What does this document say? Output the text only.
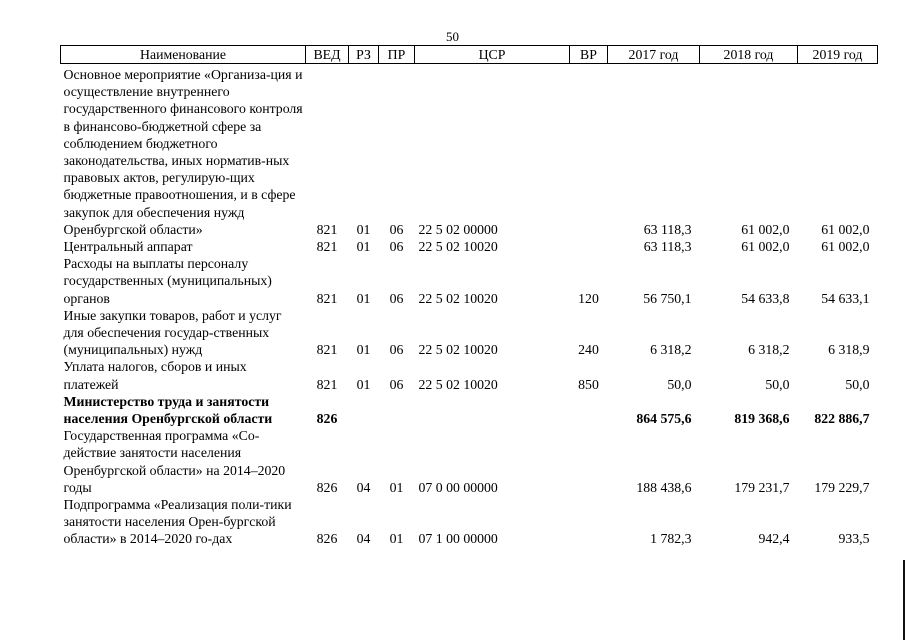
50
Наименование	ВЕД	РЗ	ПР	ЦСР	ВР	2017 год	2018 год	2019 год
Основное мероприятие «Организа-ция и осуществление внутреннего государственного финансового контроля в финансово-бюджетной сфере за соблюдением бюджетного законодательства, иных норматив-ных правовых актов, регулирую-щих бюджетные правоотношения, и в сфере закупок для обеспечения нужд Оренбургской области»	821	01	06	22 5 02 00000		63 118,3	61 002,0	61 002,0
Центральный аппарат	821	01	06	22 5 02 10020		63 118,3	61 002,0	61 002,0
Расходы на выплаты персоналу государственных (муниципальных) органов	821	01	06	22 5 02 10020	120	56 750,1	54 633,8	54 633,1
Иные закупки товаров, работ и услуг для обеспечения государ-ственных (муниципальных) нужд	821	01	06	22 5 02 10020	240	6 318,2	6 318,2	6 318,9
Уплата налогов, сборов и иных платежей	821	01	06	22 5 02 10020	850	50,0	50,0	50,0
Министерство труда и занятости населения Оренбургской области	826					864 575,6	819 368,6	822 886,7
Государственная программа «Со-действие занятости населения Оренбургской области» на 2014–2020 годы	826	04	01	07 0 00 00000		188 438,6	179 231,7	179 229,7
Подпрограмма «Реализация поли-тики занятости населения Орен-бургской области» в 2014–2020 го-дах	826	04	01	07 1 00 00000		1 782,3	942,4	933,5
